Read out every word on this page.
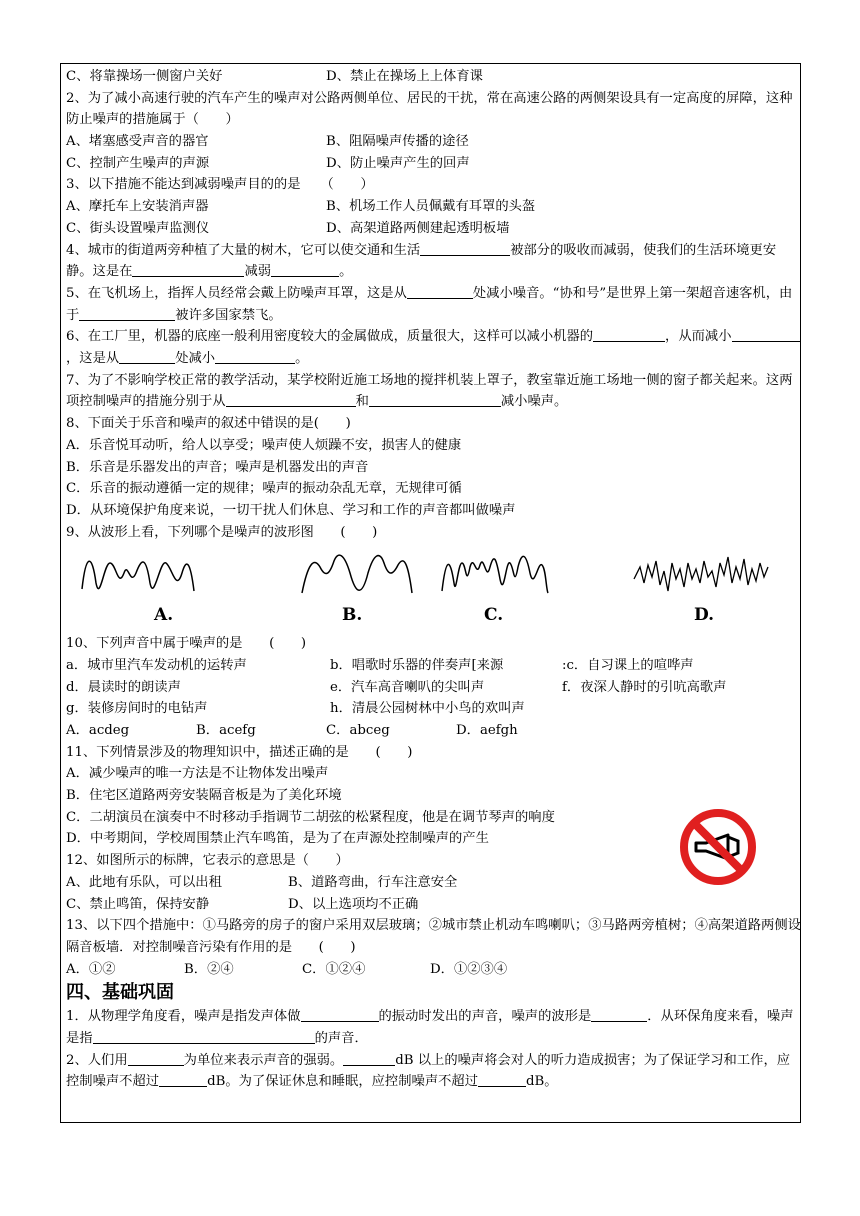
C、将靠操场一侧窗户关好	D、禁止在操场上上体育课
2、为了减小高速行驶的汽车产生的噪声对公路两侧单位、居民的干扰，常在高速公路的两侧架设具有一定高度的屏障，这种防止噪声的措施属于（　　）
A、堵塞感受声音的器官	B、阻隔噪声传播的途径
C、控制产生噪声的声源	D、防止噪声产生的回声
3、以下措施不能达到减弱噪声目的的是　　（　　）
A、摩托车上安装消声器	B、机场工作人员佩戴有耳罩的头盔
C、街头设置噪声监测仪	D、高架道路两侧建起透明板墙
4、城市的街道两旁种植了大量的树木，它可以使交通和生活	被部分的吸收而减弱，使我们的生活环境更安静。这是在	减弱	。
5、在飞机场上，指挥人员经常会戴上防噪声耳罩，这是从	处减小噪音。“协和号”是世界上第一架超音速客机，由于	被许多国家禁飞。
6、在工厂里，机器的底座一般利用密度较大的金属做成，质量很大，这样可以减小机器的	，从而减小，这是从	处减小	。
7、为了不影响学校正常的教学活动，某学校附近施工场地的搅拌机装上罩子，教室靠近施工场地一侧的窗子都关起来。这两项控制噪声的措施分别于从	和	减小噪声。
8、下面关于乐音和噪声的叙述中错误的是(　　)
A．乐音悦耳动听，给人以享受；噪声使人烦躁不安，损害人的健康
B．乐音是乐器发出的声音；噪声是机器发出的声音
C．乐音的振动遵循一定的规律；噪声的振动杂乱无章，无规律可循
D．从环境保护角度来说，一切干扰人们休息、学习和工作的声音都叫做噪声
9、从波形上看，下列哪个是噪声的波形图　　(　　)
A.	B.	C.	D.
10、下列声音中属于噪声的是　　(　　)
a．城市里汽车发动机的运转声	b．唱歌时乐器的伴奏声[来源	:c．自习课上的喧哗声
d．晨读时的朗读声	e．汽车高音喇叭的尖叫声	f．夜深人静时的引吭高歌声
g．装修房间时的电钻声	h．清晨公园树林中小鸟的欢叫声
A．acdeg	B．acefg	C．abceg	D．aefgh
11、下列情景涉及的物理知识中，描述正确的是　　(　　)
A．减少噪声的唯一方法是不让物体发出噪声
B．住宅区道路两旁安装隔音板是为了美化环境
C．二胡演员在演奏中不时移动手指调节二胡弦的松紧程度，他是在调节琴声的响度
D．中考期间，学校周围禁止汽车鸣笛，是为了在声源处控制噪声的产生
12、如图所示的标牌，它表示的意思是（　　）
A、此地有乐队，可以出租	B、道路弯曲，行车注意安全
C、禁止鸣笛，保持安静	D、以上选项均不正确
13、以下四个措施中：①马路旁的房子的窗户采用双层玻璃；②城市禁止机动车鸣喇叭；③马路两旁植树；④高架道路两侧设隔音板墙．对控制噪音污染有作用的是　　(　　)
A．①②	B．②④	C．①②④	D．①②③④
四、基础巩固
1．从物理学角度看，噪声是指发声体做	的振动时发出的声音，噪声的波形是	．从环保角度来看，噪声是指	的声音．
2、人们用	为单位来表示声音的强弱。	dB 以上的噪声将会对人的听力造成损害；为了保证学习和工作，应控制噪声不超过	dB。为了保证休息和睡眠，应控制噪声不超过	dB。
